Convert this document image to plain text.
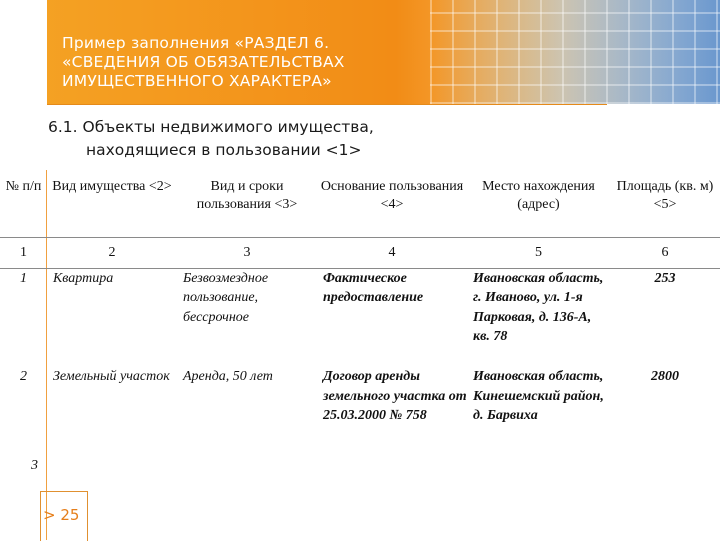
Пример заполнения «РАЗДЕЛ 6.
«СВЕДЕНИЯ ОБ ОБЯЗАТЕЛЬСТВАХ
ИМУЩЕСТВЕННОГО ХАРАКТЕРА»
6.1. Объекты недвижимого имущества,
находящиеся в пользовании <1>
№ п/п	Вид имущества <2>	Вид и сроки пользования <3>	Основание пользования <4>	Место нахождения (адрес)	Площадь (кв. м) <5>
1	2	3	4	5	6
1	Квартира	Безвозмездное пользование, бессрочное	Фактическое предоставление	Ивановская область, г. Иваново, ул. 1-я Парковая, д. 136-А, кв. 78	253
2	Земельный участок	Аренда, 50 лет	Договор аренды земельного участка от 25.03.2000 № 758	Ивановская область, Кинешемский район, д. Барвиха	2800
3
> 25
